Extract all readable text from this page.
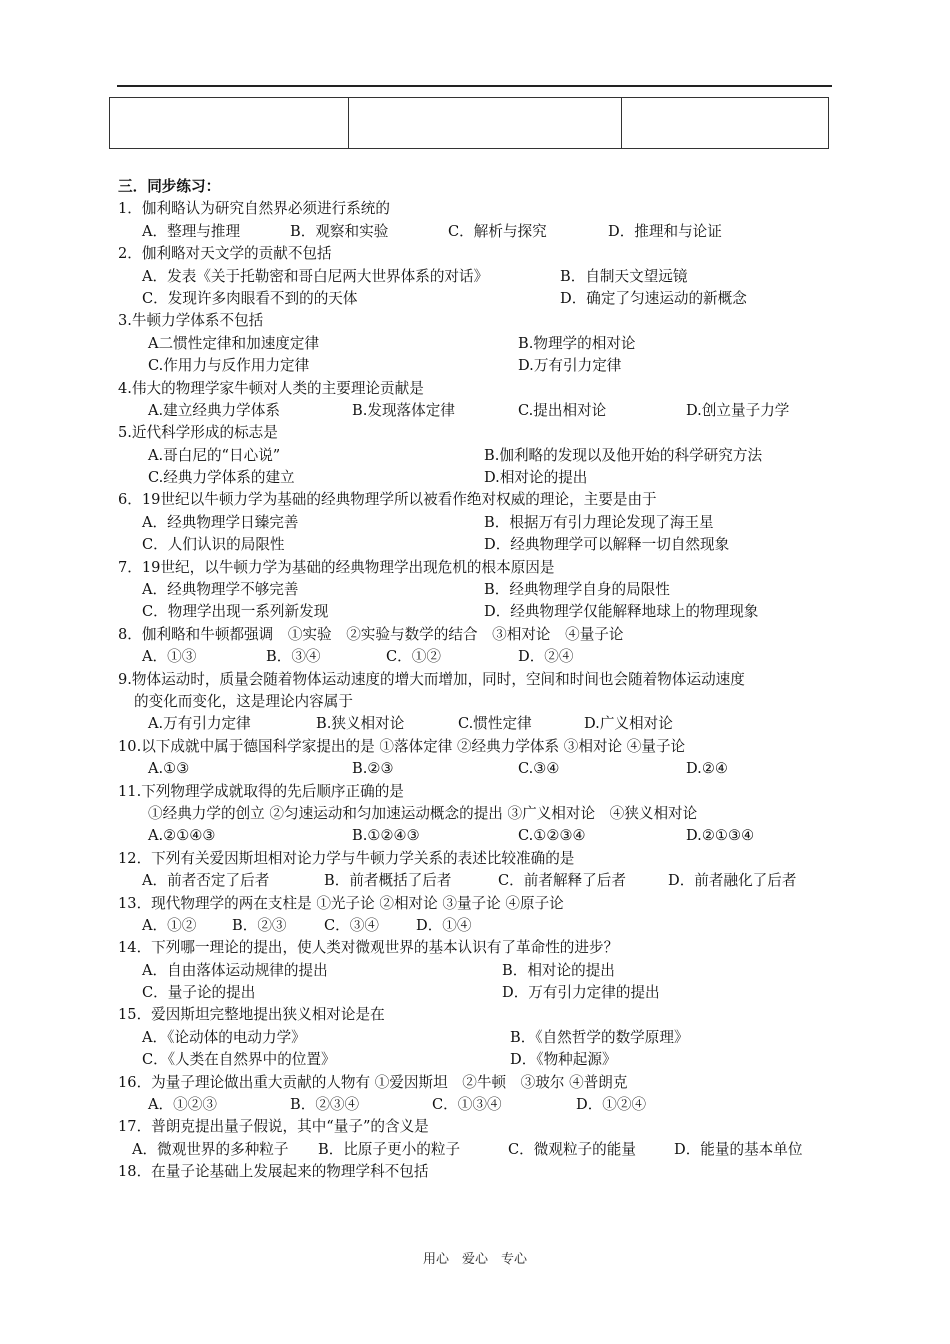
三．同步练习：
1．伽利略认为研究自然界必须进行系统的
A．整理与推理	B．观察和实验	C．解析与探究	D．推理和与论证
2．伽利略对天文学的贡献不包括
A．发表《关于托勒密和哥白尼两大世界体系的对话》	B．自制天文望远镜
C．发现许多肉眼看不到的的天体	D．确定了匀速运动的新概念
3.牛顿力学体系不包括
A二惯性定律和加速度定律	B.物理学的相对论
C.作用力与反作用力定律	D.万有引力定律
4.伟大的物理学家牛顿对人类的主要理论贡献是
A.建立经典力学体系	B.发现落体定律	C.提出相对论	D.创立量子力学
5.近代科学形成的标志是
A.哥白尼的“日心说”	B.伽利略的发现以及他开始的科学研究方法
C.经典力学体系的建立	D.相对论的提出
6．19世纪以牛顿力学为基础的经典物理学所以被看作绝对权威的理论，主要是由于
A．经典物理学日臻完善	B．根据万有引力理论发现了海王星
C．人们认识的局限性	D．经典物理学可以解释一切自然现象
7．19世纪，以牛顿力学为基础的经典物理学出现危机的根本原因是
A．经典物理学不够完善	B．经典物理学自身的局限性
C．物理学出现一系列新发现	D．经典物理学仅能解释地球上的物理现象
8．伽利略和牛顿都强调　①实验　②实验与数学的结合　③相对论　④量子论
A．①③	B．③④	C．①②	D．②④
9.物体运动时，质量会随着物体运动速度的增大而增加，同时，空间和时间也会随着物体运动速度
的变化而变化，这是理论内容属于
A.万有引力定律	B.狭义相对论	C.惯性定律	D.广义相对论
10.以下成就中属于德国科学家提出的是 ①落体定律 ②经典力学体系 ③相对论 ④量子论
A.①③	B.②③	C.③④	D.②④
11.下列物理学成就取得的先后顺序正确的是
①经典力学的创立 ②匀速运动和匀加速运动概念的提出 ③广义相对论　④狭义相对论
A.②①④③	B.①②④③	C.①②③④	D.②①③④
12．下列有关爱因斯坦相对论力学与牛顿力学关系的表述比较准确的是
A．前者否定了后者	B．前者概括了后者	C．前者解释了后者	D．前者融化了后者
13．现代物理学的两在支柱是 ①光子论 ②相对论 ③量子论 ④原子论
A．①② B．②③	C．③④	D．①④
14．下列哪一理论的提出，使人类对微观世界的基本认识有了革命性的进步？
A．自由落体运动规律的提出	B．相对论的提出
C．量子论的提出	D．万有引力定律的提出
15．爱因斯坦完整地提出狭义相对论是在
A．《论动体的电动力学》	B．《自然哲学的数学原理》
C．《人类在自然界中的位置》	D．《物种起源》
16．为量子理论做出重大贡献的人物有 ①爱因斯坦　②牛顿　③玻尔 ④普朗克
A．①②③	B．②③④	C．①③④	D．①②④
17．普朗克提出量子假说，其中“量子”的含义是
A．微观世界的多种粒子 B．比原子更小的粒子	C．微观粒子的能量	D．能量的基本单位
18．在量子论基础上发展起来的物理学科不包括
用心　爱心　专心
